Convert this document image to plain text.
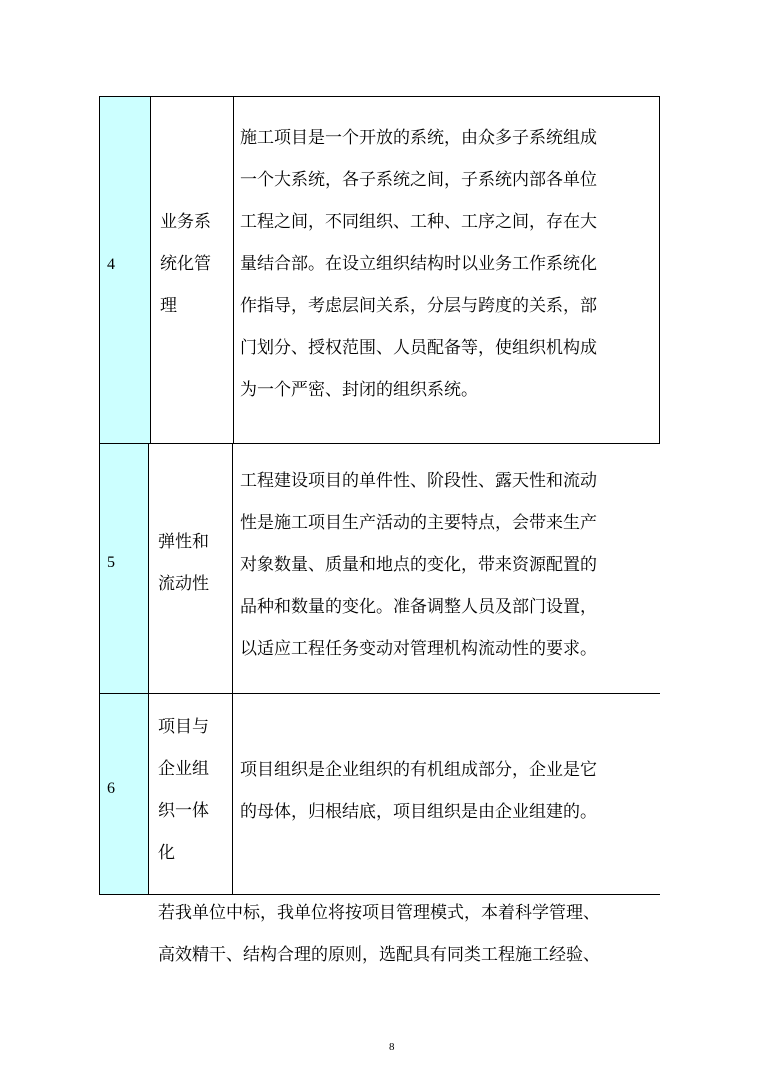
4
业务系
统化管
理
施工项目是一个开放的系统，由众多子系统组成
一个大系统，各子系统之间，子系统内部各单位
工程之间，不同组织、工种、工序之间，存在大
量结合部。在设立组织结构时以业务工作系统化
作指导，考虑层间关系，分层与跨度的关系，部
门划分、授权范围、人员配备等，使组织机构成
为一个严密、封闭的组织系统。
5
弹性和
流动性
工程建设项目的单件性、阶段性、露天性和流动
性是施工项目生产活动的主要特点，会带来生产
对象数量、质量和地点的变化，带来资源配置的
品种和数量的变化。准备调整人员及部门设置，
以适应工程任务变动对管理机构流动性的要求。
6
项目与
企业组
织一体
化
项目组织是企业组织的有机组成部分，企业是它
的母体，归根结底，项目组织是由企业组建的。
若我单位中标，我单位将按项目管理模式，本着科学管理、
高效精干、结构合理的原则，选配具有同类工程施工经验、
8
